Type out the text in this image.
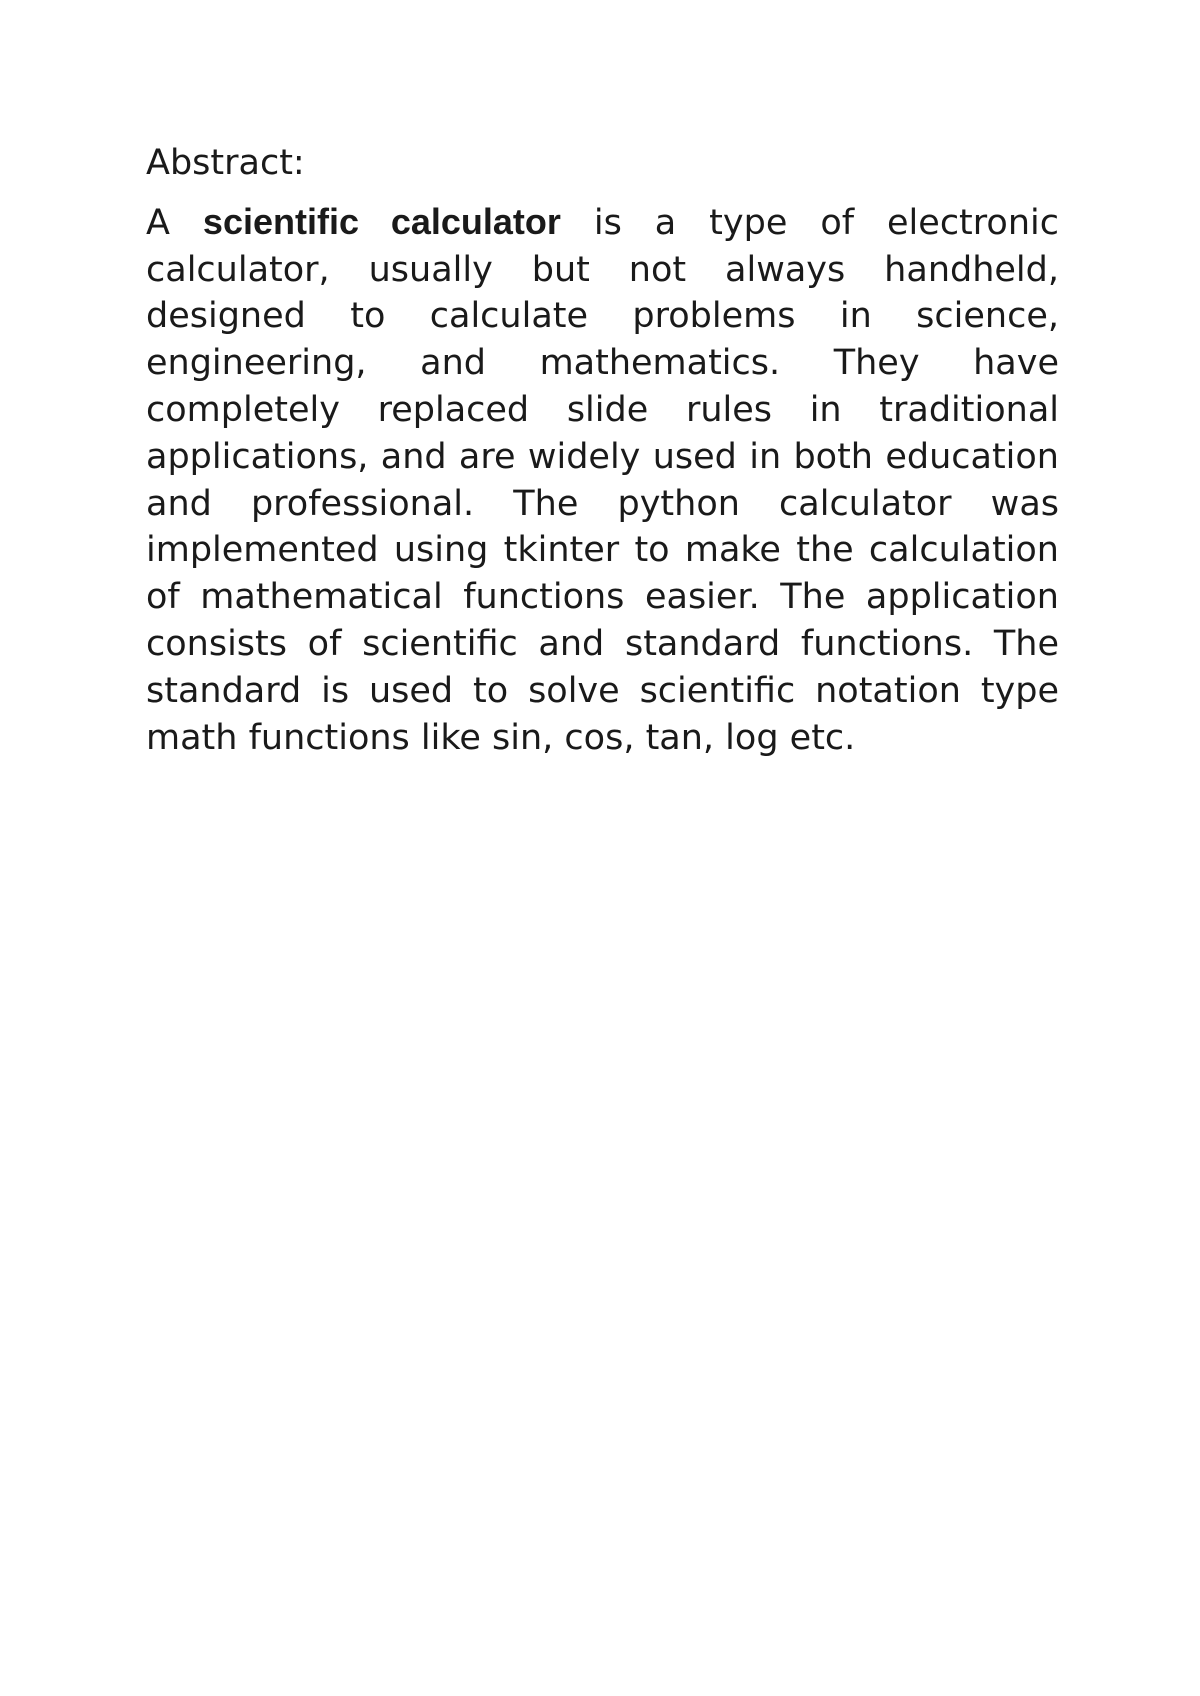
Abstract:

A scientific calculator is a type of electronic calculator, usually but not always handheld, designed to calculate problems in science, engineering, and mathematics. They have completely replaced slide rules in traditional applications, and are widely used in both education and professional. The python calculator was implemented using tkinter to make the calculation of mathematical functions easier. The application consists of scientific and standard functions. The standard is used to solve scientific notation type math functions like sin, cos, tan, log etc.
